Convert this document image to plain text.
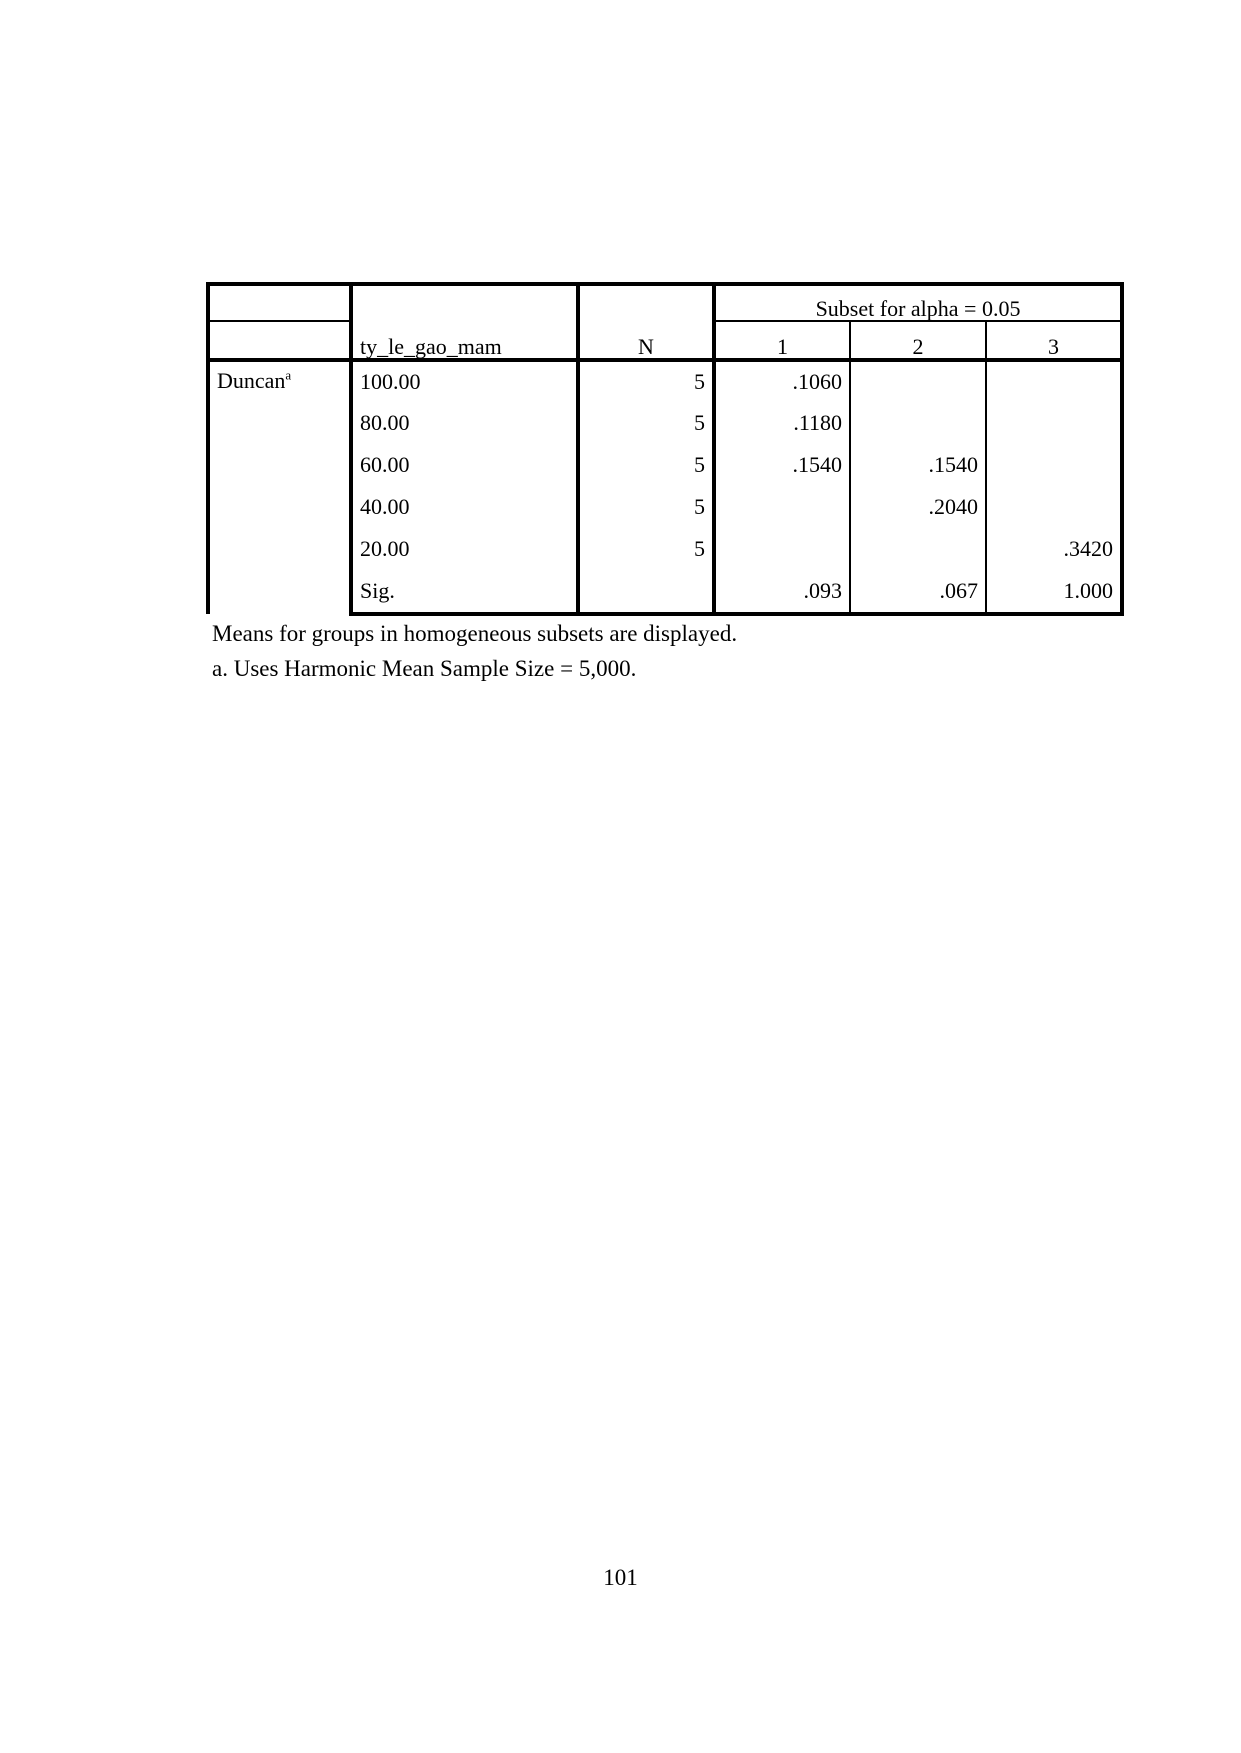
			Subset for alpha = 0.05		
	ty_le_gao_mam	N	1	2	3
Duncan$^a$	100.00	5	.1060		
	80.00	5	.1180		
	60.00	5	.1540	.1540	
	40.00	5		.2040	
	20.00	5			.3420
	Sig.		.093	.067	1.000
Means for groups in homogeneous subsets are displayed.
a. Uses Harmonic Mean Sample Size = 5,000.
101
